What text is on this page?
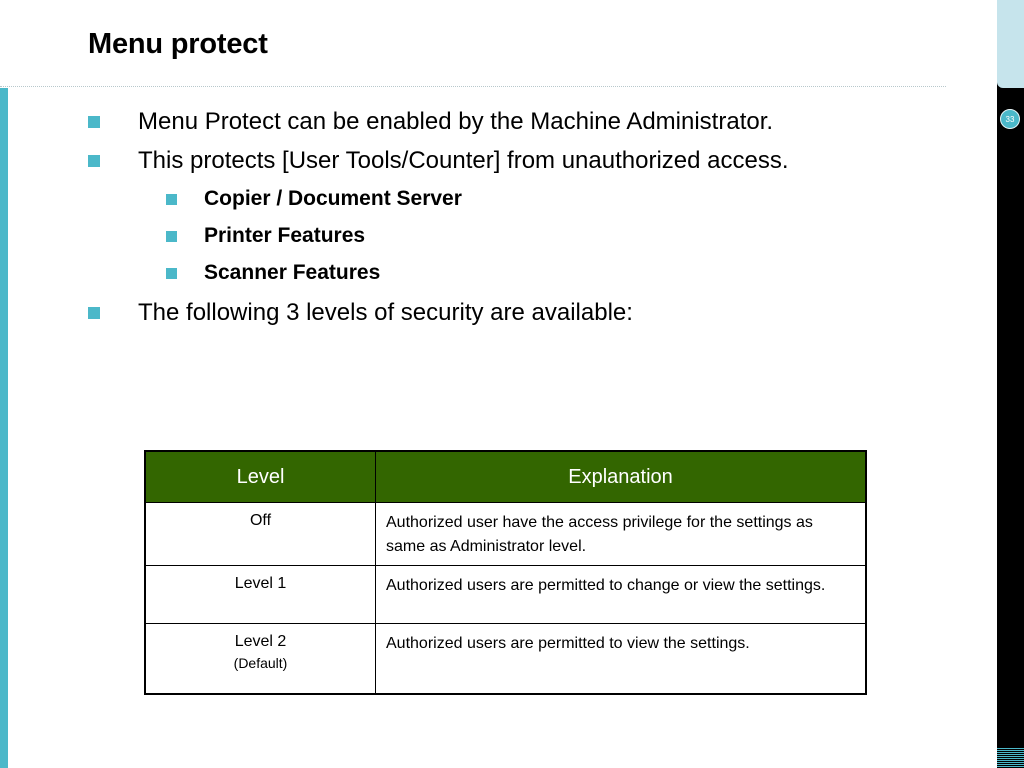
33
Menu protect
Menu Protect can be enabled by the Machine Administrator.
This protects [User Tools/Counter] from unauthorized access.
Copier / Document Server
Printer Features
Scanner Features
The following 3 levels of security are available:
Level	Explanation
Off	Authorized user have the access privilege for the settings as same as Administrator level.
Level 1	Authorized users are permitted to change or view the settings.
Level 2
(Default)	Authorized users are permitted to view the settings.
